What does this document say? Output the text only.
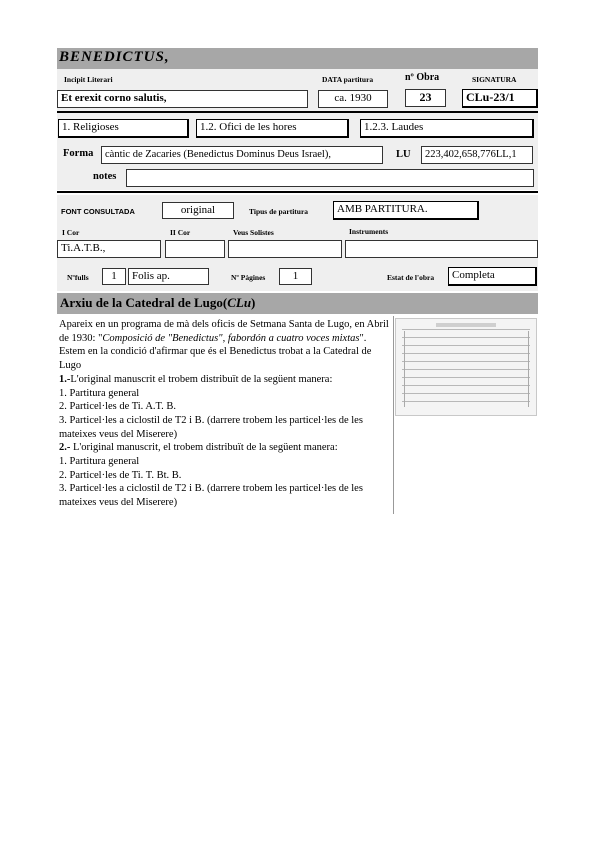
BENEDICTUS,
Incipit Literari	DATA partitura	nº Obra	SIGNATURA
Et erexit corno salutis,	ca. 1930	23	CLu-23/1
1. Religioses	1.2. Ofici de les hores	1.2.3. Laudes
Forma	càntic de Zacaries (Benedictus Dominus Deus Israel),	LU	223,402,658,776LL,1
notes
FONT CONSULTADA	original	Tipus de partitura	AMB PARTITURA.
I Cor	II Cor	Veus Solistes	Instruments
Ti.A.T.B.,
Nºfulls	1	Folis ap.	Nº Pàgines	1	Estat de l'obra	Completa
Arxiu de la Catedral de Lugo(CLu)

Apareix en un programa de mà dels oficis de Setmana Santa de Lugo, en Abril de 1930: "Composició de "Benedictus", fabordón a cuatro voces mixtas". Estem en la condició d'afirmar que és el Benedictus trobat a la Catedral de Lugo

1.-L'original manuscrit el trobem distribuït de la següent manera:

1. Partitura general

2. Particel·les de Ti. A.T. B.

3. Particel·les a ciclostil de T2 i B. (darrere trobem les particel·les de les mateixes veus del Miserere)

2.- L'original manuscrit, el trobem distribuït de la següent manera:

1. Partitura general

2. Particel·les de Ti. T. Bt. B.

3. Particel·les a ciclostil de T2 i B. (darrere trobem les particel·les de les mateixes veus del Miserere)
